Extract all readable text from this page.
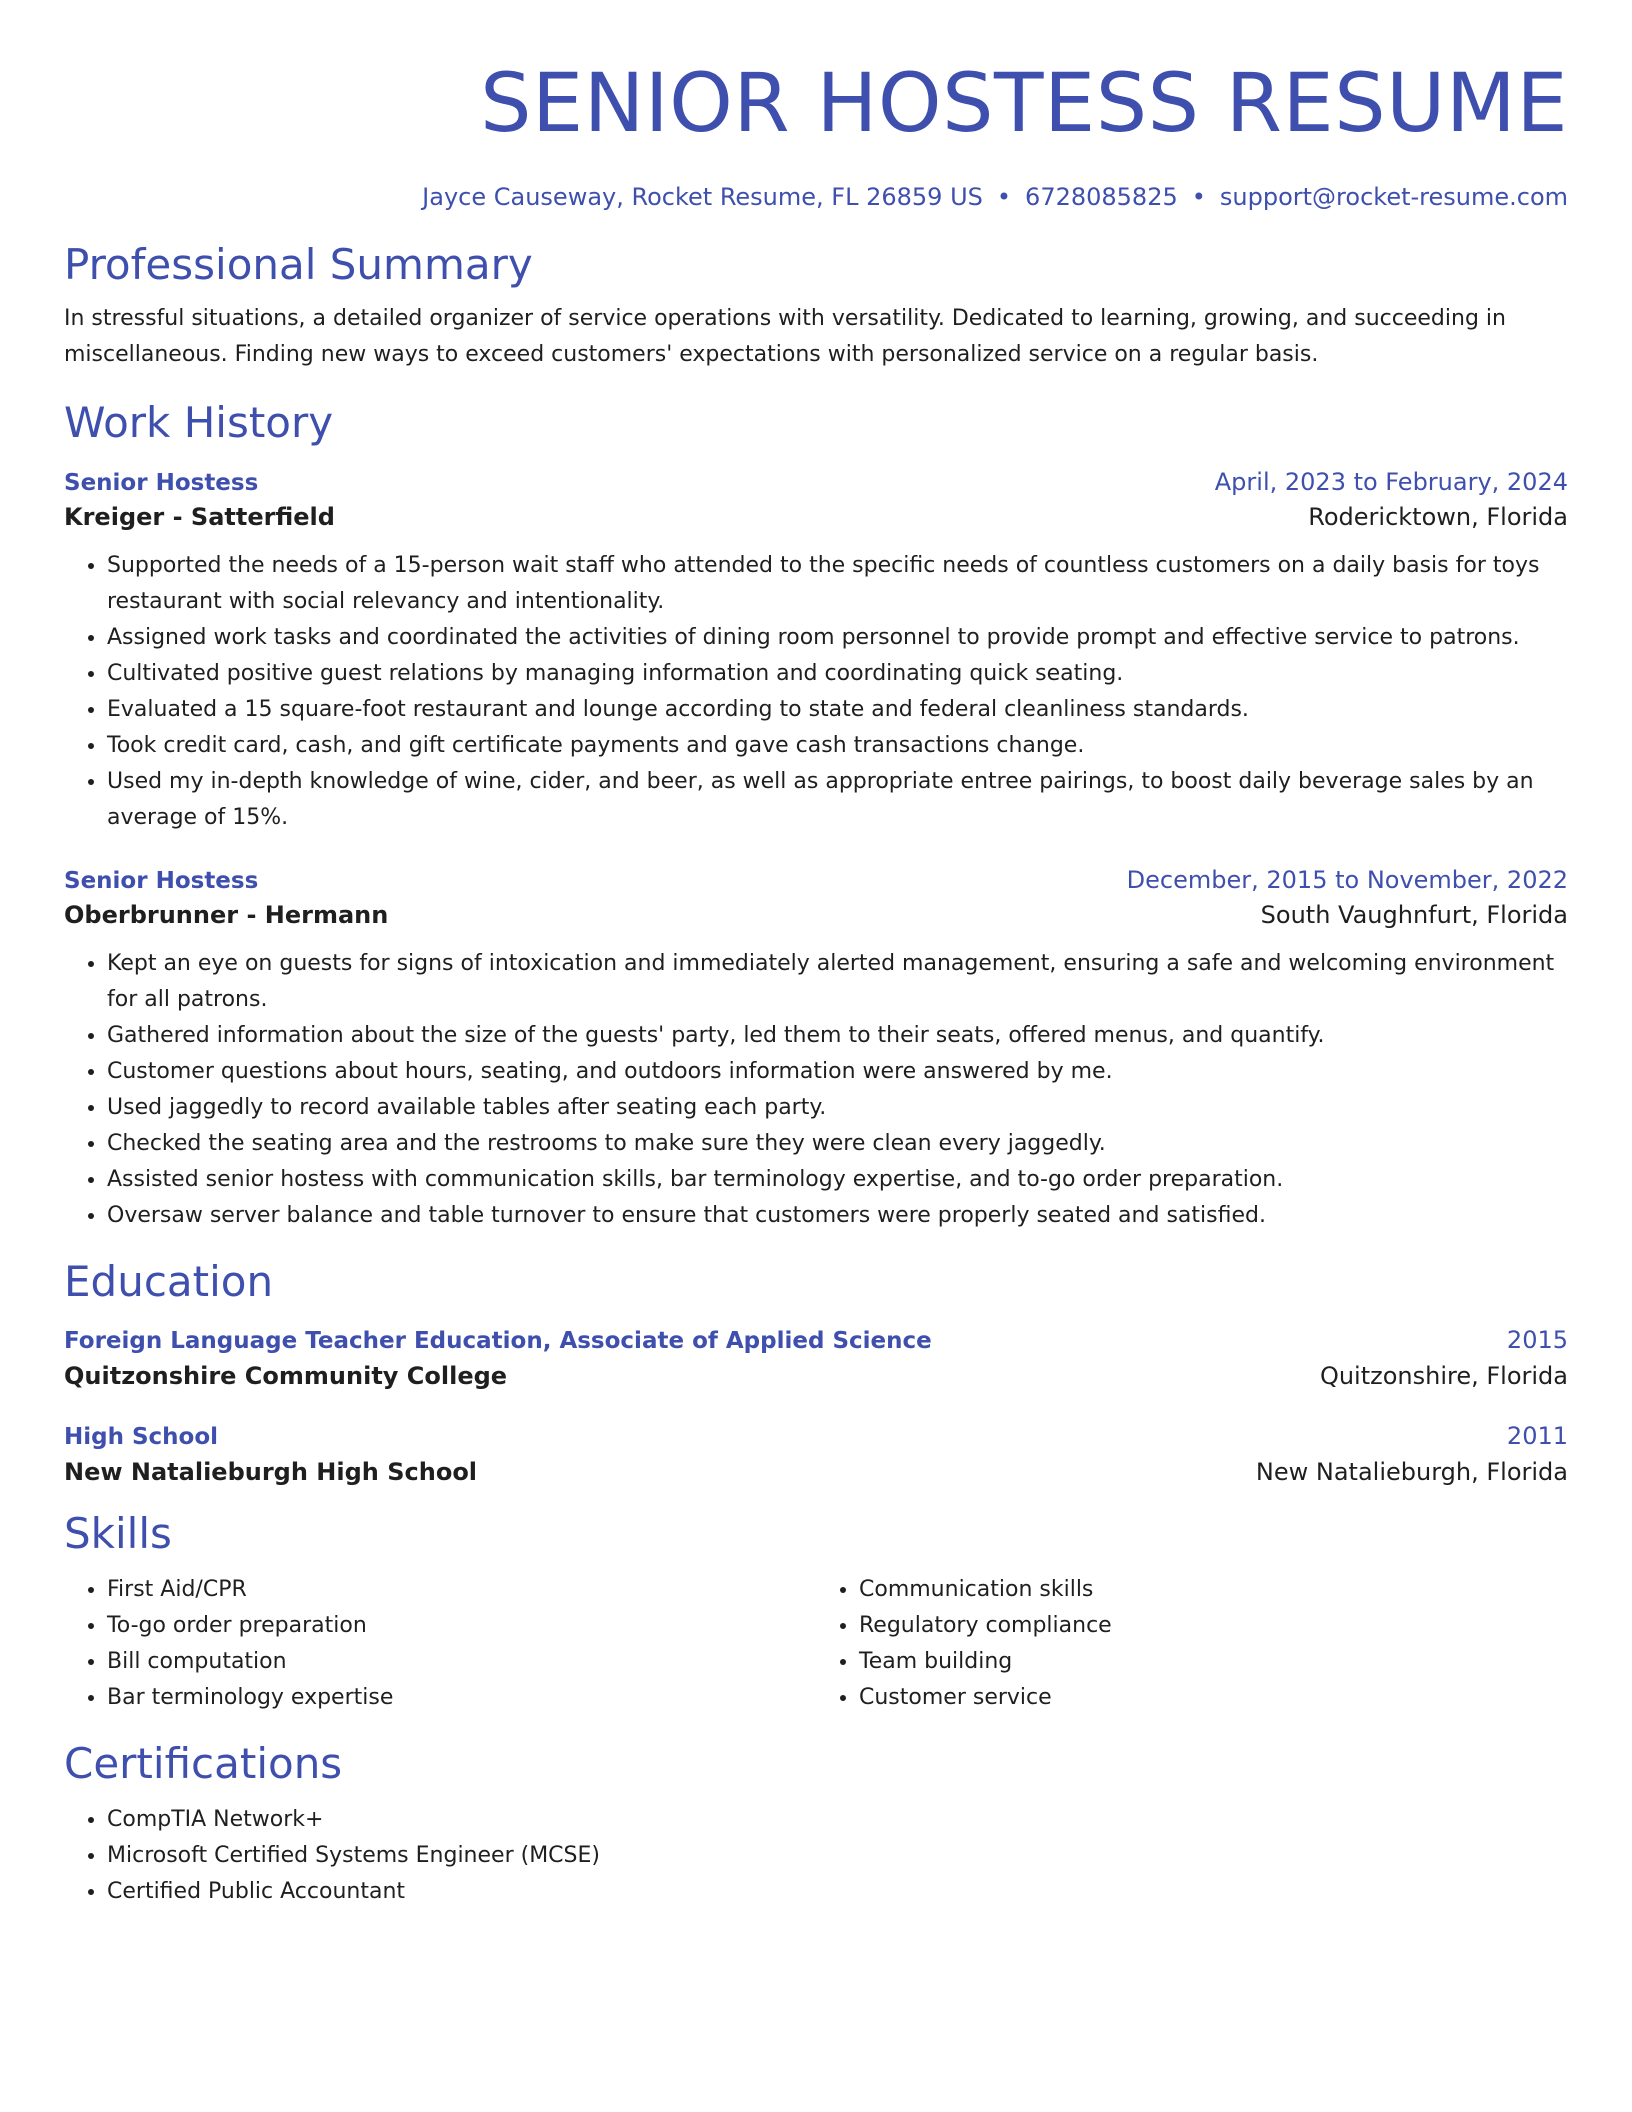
SENIOR HOSTESS RESUME
Jayce Causeway, Rocket Resume, FL 26859 US • 6728085825 • support@rocket-resume.com
Professional Summary

In stressful situations, a detailed organizer of service operations with versatility. Dedicated to learning, growing, and succeeding in miscellaneous. Finding new ways to exceed customers' expectations with personalized service on a regular basis.

Work History
Senior Hostess	April, 2023 to February, 2024
Kreiger - Satterfield	Rodericktown, Florida
• Supported the needs of a 15-person wait staff who attended to the specific needs of countless customers on a daily basis for toys restaurant with social relevancy and intentionality.
• Assigned work tasks and coordinated the activities of dining room personnel to provide prompt and effective service to patrons.
• Cultivated positive guest relations by managing information and coordinating quick seating.
• Evaluated a 15 square-foot restaurant and lounge according to state and federal cleanliness standards.
• Took credit card, cash, and gift certificate payments and gave cash transactions change.
• Used my in-depth knowledge of wine, cider, and beer, as well as appropriate entree pairings, to boost daily beverage sales by an average of 15%.
Senior Hostess	December, 2015 to November, 2022
Oberbrunner - Hermann	South Vaughnfurt, Florida
• Kept an eye on guests for signs of intoxication and immediately alerted management, ensuring a safe and welcoming environment for all patrons.
• Gathered information about the size of the guests' party, led them to their seats, offered menus, and quantify.
• Customer questions about hours, seating, and outdoors information were answered by me.
• Used jaggedly to record available tables after seating each party.
• Checked the seating area and the restrooms to make sure they were clean every jaggedly.
• Assisted senior hostess with communication skills, bar terminology expertise, and to-go order preparation.
• Oversaw server balance and table turnover to ensure that customers were properly seated and satisfied.
Education
Foreign Language Teacher Education, Associate of Applied Science	2015
Quitzonshire Community College	Quitzonshire, Florida
High School	2011
New Natalieburgh High School	New Natalieburgh, Florida
Skills
• First Aid/CPR
• To-go order preparation
• Bill computation
• Bar terminology expertise
• Communication skills
• Regulatory compliance
• Team building
• Customer service
Certifications
• CompTIA Network+
• Microsoft Certified Systems Engineer (MCSE)
• Certified Public Accountant
